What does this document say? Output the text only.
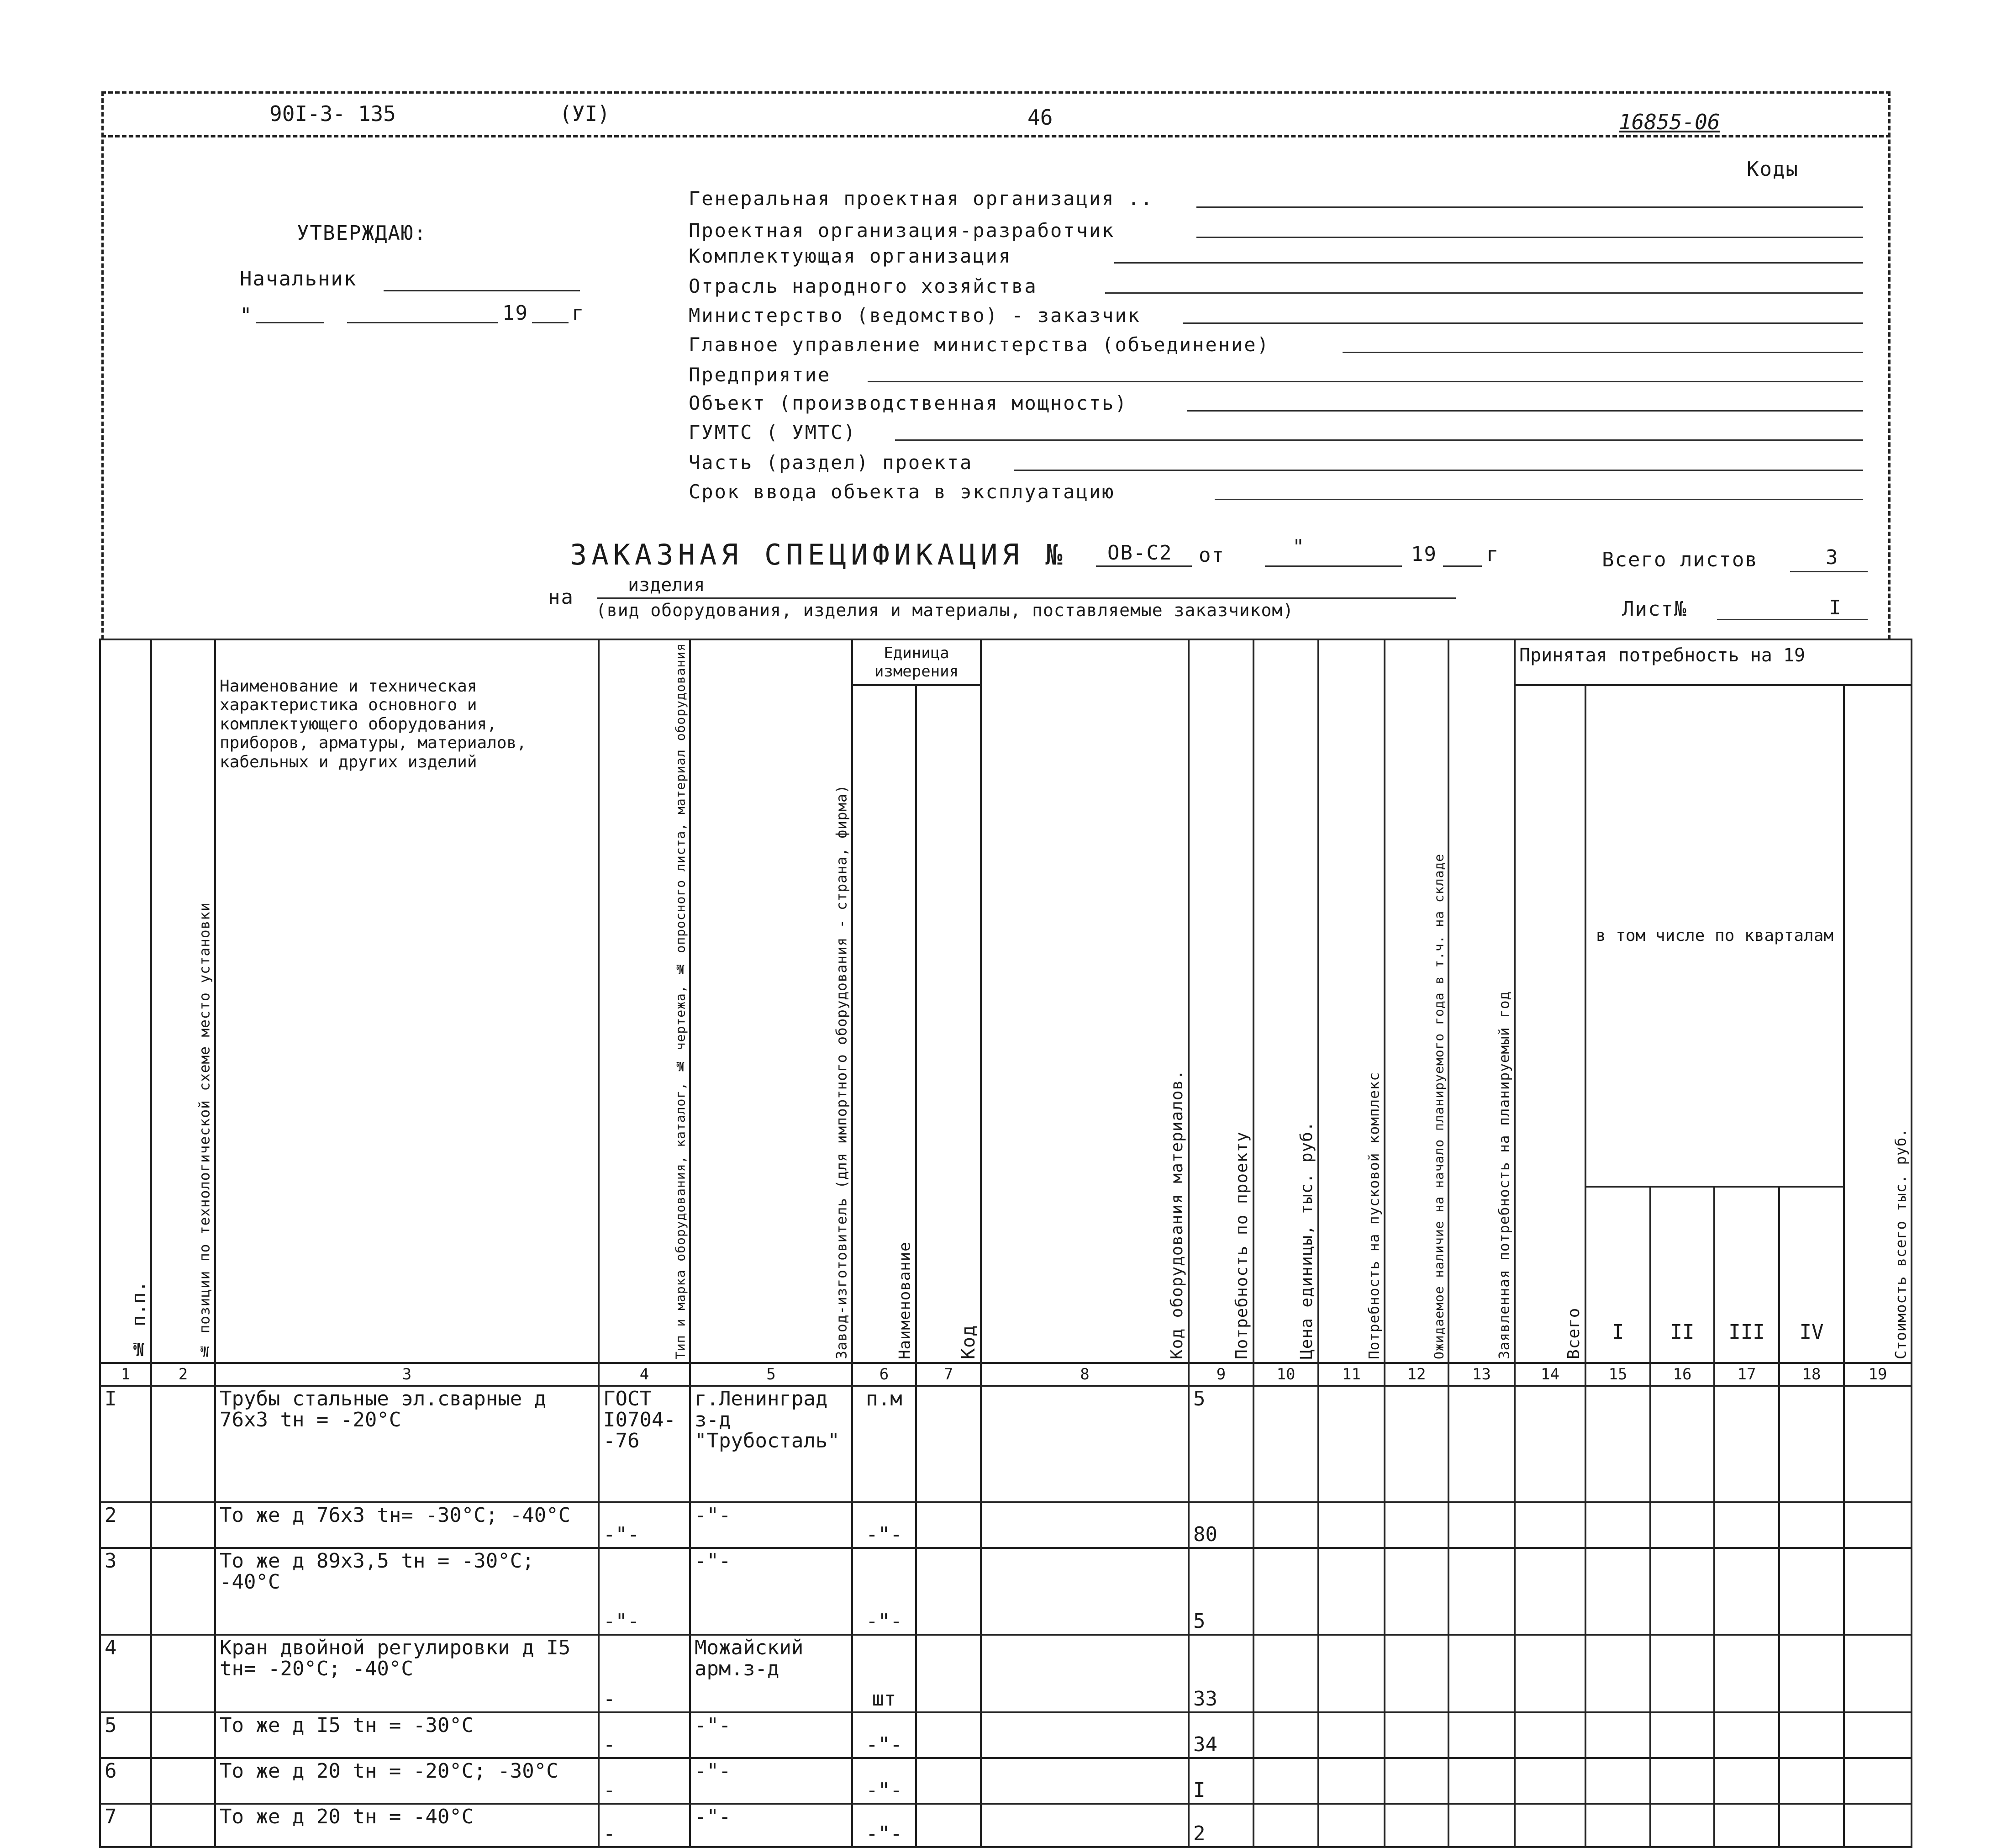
90I-3- 135	(УI)	46	16855-06
Коды
УТВЕРЖДАЮ:
Начальник
"	19 г
Генеральная проектная организация ..
Проектная организация-разработчик
Комплектующая организация
Отрасль народного хозяйства
Министерство (ведомство) - заказчик
Главное управление министерства (объединение)
Предприятие
Объект (производственная мощность)
ГУМТС ( УМТС)
Часть (раздел) проекта
Срок ввода объекта в эксплуатацию
ЗАКАЗНАЯ СПЕЦИФИКАЦИЯ № ОВ-С2 от	"	19 г	Всего листов	3
на
изделия
(вид оборудования, изделия и материалы, поставляемые заказчиком)	Лист№	I
№ п.п.	№ позиции по технологической схеме место установки	Наименование и техническая характеристика основного и комплектующего оборудования, приборов, арматуры, материалов, кабельных и других изделий	Тип и марка оборудования, каталог, № чертежа, № опросного листа, материал оборудования	Завод-изготовитель (для импортного оборудования - страна, фирма)	Единица измерения		Код оборудования материалов.	Потребность по проекту	Цена единицы, тыс. руб.	Потребность на пусковой комплекс	Ожидаемое наличие на начало планируемого года в т.ч. на складе	Заявленная потребность на планируемый год	Принятая потребность на 19					
					Наименование	Код							Всего	в том числе по кварталам				Стоимость всего тыс. руб.
														I	II	III	IV	
1	2	3	4	5	6	7	8	9	10	11	12	13	14	15	16	17	18	19
I		Трубы стальные эл.сварные д 76х3 tн = -20°С	ГОСТ I0704--76	г.Ленинград з-д "Трубосталь"	п.м			5										
2		То же д 76х3 tн= -30°С; -40°С	-"-	-"-	-"-			80										
3		То же д 89х3,5 tн = -30°С; -40°С	-"-	-"-	-"-			5										
4		Кран двойной регулировки д I5 tн= -20°С; -40°С	-	Можайский арм.з-д	шт			33										
5		То же д I5 tн = -30°С	-	-"-	-"-			34										
6		То же д 20 tн = -20°С; -30°С	-	-"-	-"-			I										
7		То же д 20 tн = -40°С	-	-"-	-"-			2										
